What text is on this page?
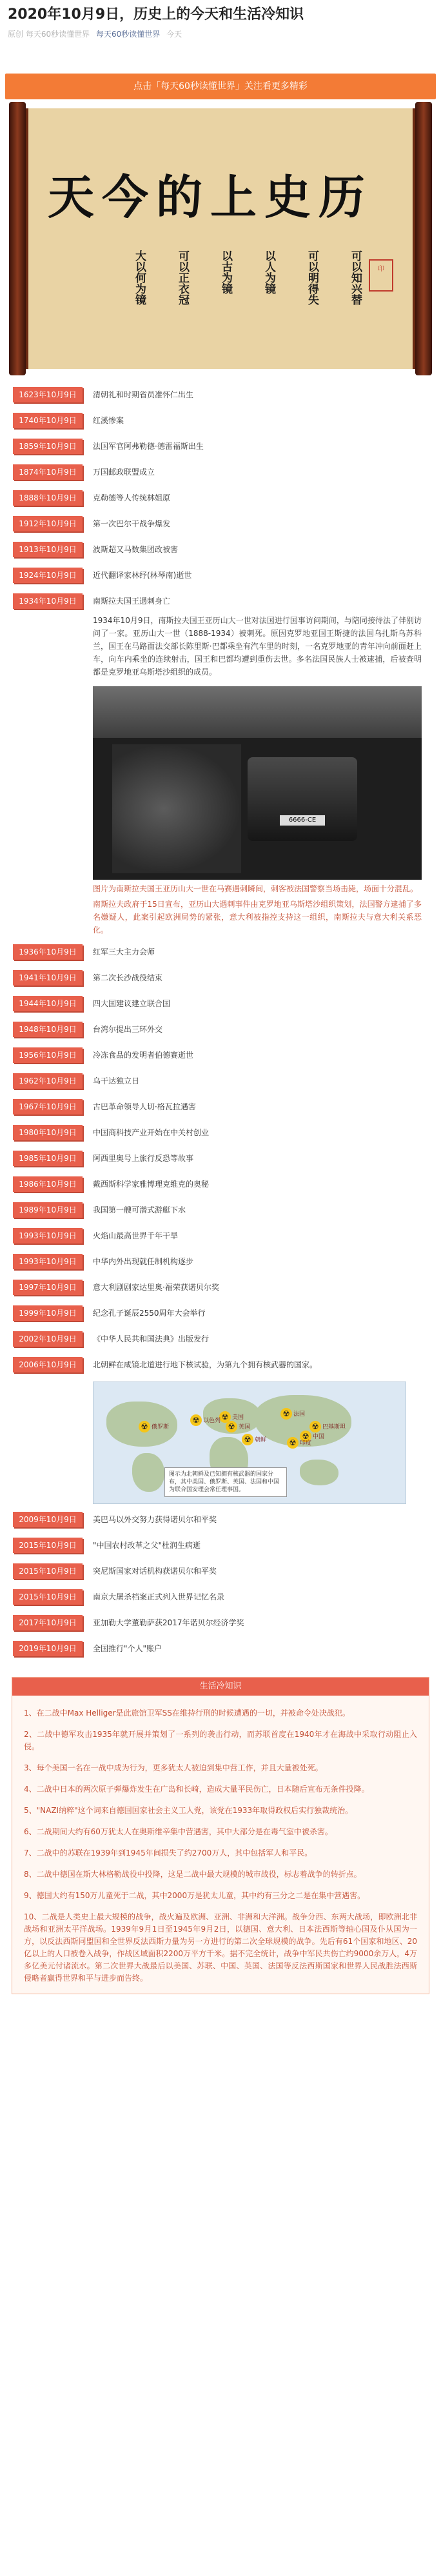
2020年10月9日，历史上的今天和生活冷知识
原创 每天60秒读懂世界 每天60秒读懂世界 今天
点击「每天60秒读懂世界」关注看更多精彩
天今的上史历
大以何为镜	可以正衣冠	以古为镜	以人为镜	可以明得失	可以知兴替	印
1623年10月9日	清朝礼和时期省员准怀仁出生
1740年10月9日	红溪惨案
1859年10月9日	法国军官阿弗勒德·德雷福斯出生
1874年10月9日	万国邮政联盟成立
1888年10月9日	克勒德等人传统林姐原
1912年10月9日	第一次巴尔干战争爆发
1913年10月9日	波斯超又马数集团政被害
1924年10月9日	近代翻译家林纾(林琴南)逝世
1934年10月9日	南斯拉夫国王遇刺身亡
1934年10月9日，南斯拉夫国王亚历山大一世对法国进行国事访问期间，与陪同接待法了伴别访问了一家。亚历山大一世（1888-1934）被刺死。原因克罗地亚国王斯捷的法国乌扎斯乌苏科兰，国王在马路面法交部长陈里斯·巴都乘坐有汽车里的时刻，一名克罗地亚的青年冲向前面赶上车，向车内乘坐的连续射击，国王和巴都均遭到重伤去世。多名法国民族人士被逮捕，后被查明都是克罗地亚乌斯塔沙组织的成员。
6666-CE
图片为南斯拉夫国王亚历山大一世在马赛遇刺瞬间，刺客被法国警察当场击毙，场面十分混乱。
南斯拉夫政府于15日宣布，亚历山大遇刺事件由克罗地亚乌斯塔沙组织策划，法国警方逮捕了多名嫌疑人，此案引起欧洲局势的紧张，意大利被指控支持这一组织，南斯拉夫与意大利关系恶化。
1936年10月9日	红军三大主力会师
1941年10月9日	第二次长沙战役结束
1944年10月9日	四大国建议建立联合国
1948年10月9日	台湾尔提出三环外交
1956年10月9日	冷冻食品的发明者伯德赛逝世
1962年10月9日	乌干达独立日
1967年10月9日	古巴革命领导人切·格瓦拉遇害
1980年10月9日	中国商科技产业开始在中关村创业
1985年10月9日	阿西里奥号上旅行反恐等故事
1986年10月9日	戴西斯科学家雅博理克维克的奥秘
1989年10月9日	我国第一艘可潜式游艇下水
1993年10月9日	火焰山最高世界千年干旱
1993年10月9日	中华内外出现就任制机构逐步
1997年10月9日	意大利剧剧家达里奥·福荣获诺贝尔奖
1999年10月9日	纪念孔子诞辰2550周年大会举行
2002年10月9日	《中华人民共和国法典》出版发行
2006年10月9日	北朝鲜在咸镜北道进行地下核试验，为第九个拥有核武器的国家。
☢ 俄罗斯
☢ 美国
☢ 英国
☢ 法国
☢ 中国
☢ 印度
☢ 巴基斯坦
☢ 朝鲜
☢ 以色列
图示为北朝鲜及已知拥有核武器的国家分布，其中美国、俄罗斯、英国、法国和中国为联合国安理会常任理事国。
2009年10月9日	美巴马以外交努力获得诺贝尔和平奖
2015年10月9日	"中国农村改革之父"杜润生病逝
2015年10月9日	突尼斯国家对话机构获诺贝尔和平奖
2015年10月9日	南京大屠杀档案正式列入世界记忆名录
2017年10月9日	亚加勒大学董勒萨获2017年诺贝尔经济学奖
2019年10月9日	全国推行"个人"账户
生活冷知识
1、在二战中Max Helliger是此旅馆卫军SS在维持行刑的时候遭遇的一切，并被命令处决战犯。
2、二战中德军攻击1935年就开展并策划了一系列的袭击行动，而苏联首度在1940年才在海战中采取行动阻止入侵。
3、每个美国一名在一战中成为行为，更多犹太人被迫到集中营工作，并且大量被处死。
4、二战中日本的两次原子弹爆炸发生在广岛和长崎，造成大量平民伤亡，日本随后宣布无条件投降。
5、"NAZI纳粹"这个词来自德国国家社会主义工人党，该党在1933年取得政权后实行独裁统治。
6、二战期间大约有60万犹太人在奥斯维辛集中营遇害，其中大部分是在毒气室中被杀害。
7、二战中的苏联在1939年到1945年间损失了约2700万人，其中包括军人和平民。
8、二战中德国在斯大林格勒战役中投降，这是二战中最大规模的城市战役，标志着战争的转折点。
9、德国大约有150万儿童死于二战，其中2000万是犹太儿童，其中约有三分之二是在集中营遇害。
10、二战是人类史上最大规模的战争，战火遍及欧洲、亚洲、非洲和大洋洲。战争分西、东两大战场，即欧洲北非战场和亚洲太平洋战场。1939年9月1日至1945年9月2日，以德国、意大利、日本法西斯等轴心国及仆从国为一方，以反法西斯同盟国和全世界反法西斯力量为另一方进行的第二次全球规模的战争。先后有61个国家和地区、20亿以上的人口被卷入战争，作战区域面积2200万平方千米。据不完全统计，战争中军民共伤亡约9000余万人，4万多亿美元付诸流水。第二次世界大战最后以美国、苏联、中国、英国、法国等反法西斯国家和世界人民战胜法西斯侵略者赢得世界和平与进步而告终。
